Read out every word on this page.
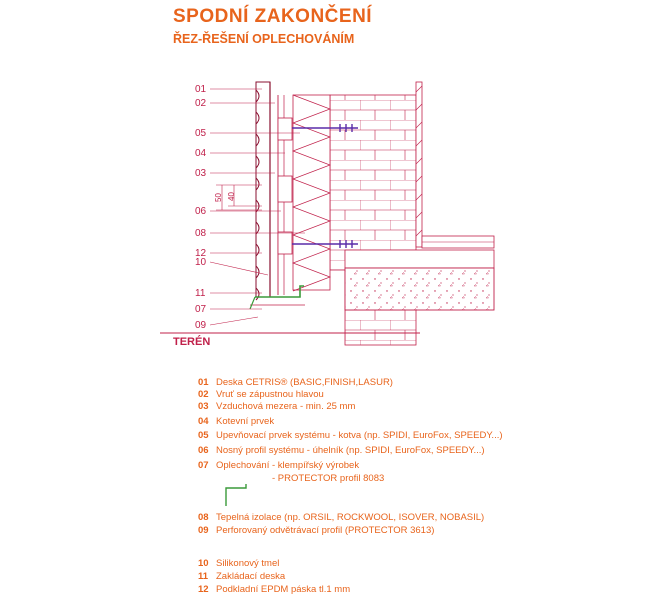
SPODNÍ ZAKONČENÍ
ŘEZ-ŘEŠENÍ OPLECHOVÁNÍM
TERÉN
50 40
01
02
05
04
03
06
08
12
10
11
07
09
01 Deska CETRIS® (BASIC,FINISH,LASUR)
02 Vruť se zápustnou hlavou
03 Vzduchová mezera - min. 25 mm
04 Kotevní prvek
05 Upevňovací prvek systému - kotva (np. SPIDI, EuroFox, SPEEDY...)
06 Nosný profil systému - úhelník (np. SPIDI, EuroFox, SPEEDY...)
07 Oplechování - klempířský výrobek
- PROTECTOR profil 8083
08 Tepelná izolace (np. ORSIL, ROCKWOOL, ISOVER, NOBASIL)
09 Perforovaný odvětrávací profil (PROTECTOR 3613)
10 Silikonový tmel
11 Zakládací deska
12 Podkladní EPDM páska tl.1 mm
